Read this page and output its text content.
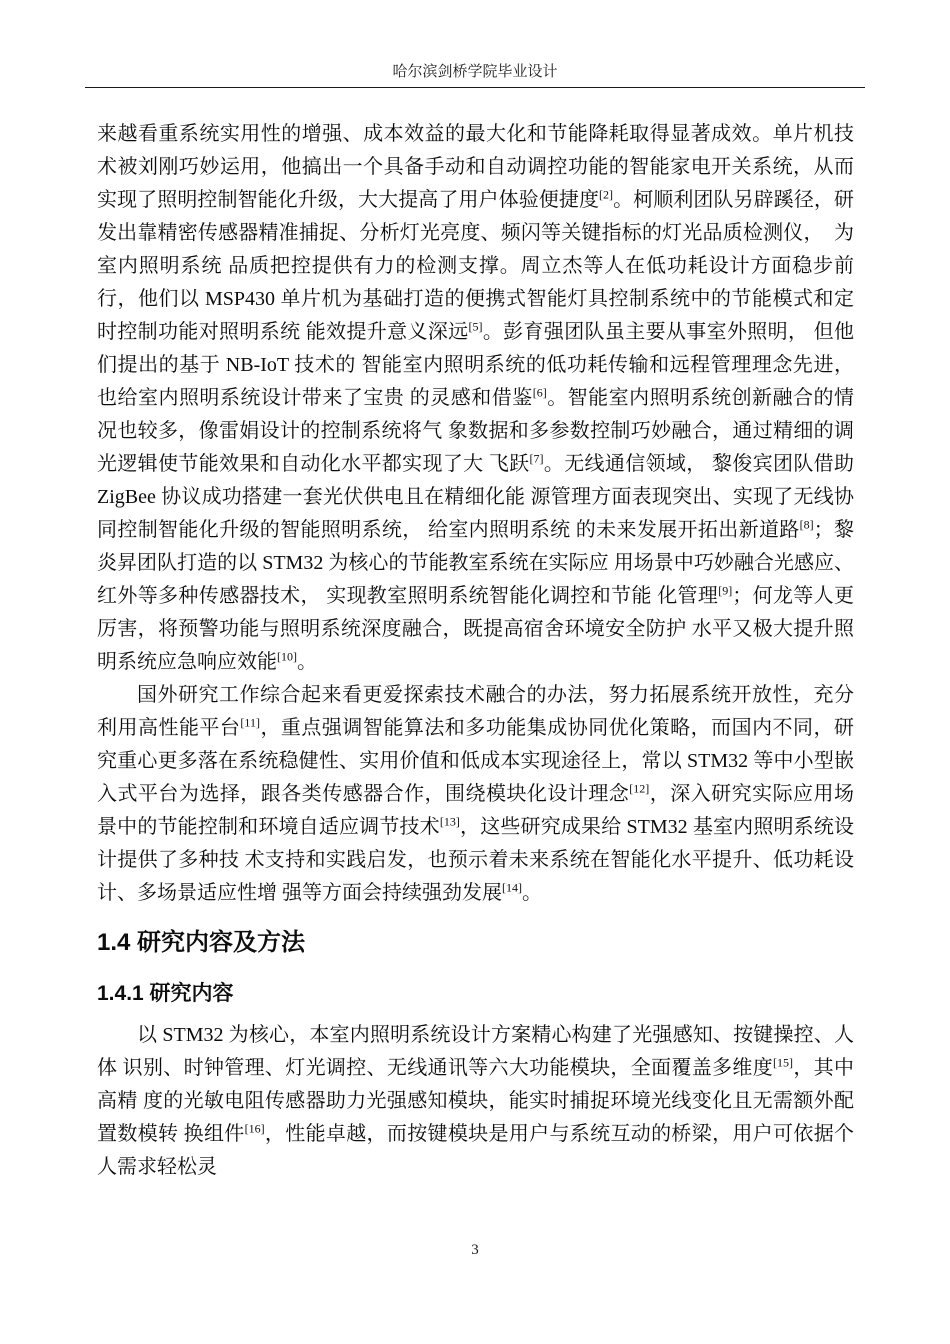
哈尔滨剑桥学院毕业设计

来越看重系统实用性的增强、成本效益的最大化和节能降耗取得显著成效。单片机技术被刘刚巧妙运用，他搞出一个具备手动和自动调控功能的智能家电开关系统，从而实现了照明控制智能化升级，大大提高了用户体验便捷度[2]。柯顺利团队另辟蹊径，研发出靠精密传感器精准捕捉、分析灯光亮度、频闪等关键指标的灯光品质检测仪，  为室内照明系统 品质把控提供有力的检测支撑。周立杰等人在低功耗设计方面稳步前行，他们以 MSP430 单片机为基础打造的便携式智能灯具控制系统中的节能模式和定时控制功能对照明系统 能效提升意义深远[5]。彭育强团队虽主要从事室外照明， 但他们提出的基于 NB-IoT 技术的 智能室内照明系统的低功耗传输和远程管理理念先进，也给室内照明系统设计带来了宝贵 的灵感和借鉴[6]。智能室内照明系统创新融合的情况也较多，像雷娟设计的控制系统将气 象数据和多参数控制巧妙融合，通过精细的调光逻辑使节能效果和自动化水平都实现了大 飞跃[7]。无线通信领域， 黎俊宾团队借助 ZigBee 协议成功搭建一套光伏供电且在精细化能 源管理方面表现突出、实现了无线协同控制智能化升级的智能照明系统， 给室内照明系统 的未来发展开拓出新道路[8]；黎炎昇团队打造的以 STM32 为核心的节能教室系统在实际应 用场景中巧妙融合光感应、红外等多种传感器技术， 实现教室照明系统智能化调控和节能 化管理[9]；何龙等人更厉害，将预警功能与照明系统深度融合，既提高宿舍环境安全防护 水平又极大提升照明系统应急响应效能[10]。

国外研究工作综合起来看更爱探索技术融合的办法，努力拓展系统开放性，充分利用高性能平台[11]，重点强调智能算法和多功能集成协同优化策略，而国内不同，研究重心更多落在系统稳健性、实用价值和低成本实现途径上，常以 STM32 等中小型嵌入式平台为选择，跟各类传感器合作，围绕模块化设计理念[12]，深入研究实际应用场景中的节能控制和环境自适应调节技术[13]，这些研究成果给 STM32 基室内照明系统设计提供了多种技 术支持和实践启发，也预示着未来系统在智能化水平提升、低功耗设计、多场景适应性增 强等方面会持续强劲发展[14]。

1.4 研究内容及方法
1.4.1 研究内容

以 STM32 为核心，本室内照明系统设计方案精心构建了光强感知、按键操控、人体 识别、时钟管理、灯光调控、无线通讯等六大功能模块，全面覆盖多维度[15]，其中高精 度的光敏电阻传感器助力光强感知模块，能实时捕捉环境光线变化且无需额外配置数模转 换组件[16]，性能卓越，而按键模块是用户与系统互动的桥梁，用户可依据个人需求轻松灵

3
